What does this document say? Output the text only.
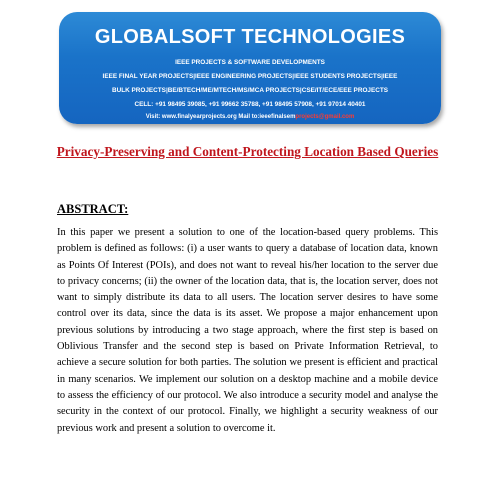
GLOBALSOFT TECHNOLOGIES
IEEE PROJECTS & SOFTWARE DEVELOPMENTS
IEEE FINAL YEAR PROJECTS|IEEE ENGINEERING PROJECTS|IEEE STUDENTS PROJECTS|IEEE
BULK PROJECTS|BE/BTECH/ME/MTECH/MS/MCA PROJECTS|CSE/IT/ECE/EEE PROJECTS
CELL: +91 98495 39085, +91 99662 35788, +91 98495 57908, +91 97014 40401
Visit: www.finalyearprojects.org Mail to:ieeefinalsemprojects@gmail.com
Privacy-Preserving and Content-Protecting Location Based Queries
ABSTRACT:
In this paper we present a solution to one of the location-based query problems. This problem is defined as follows: (i) a user wants to query a database of location data, known as Points Of Interest (POIs), and does not want to reveal his/her location to the server due to privacy concerns; (ii) the owner of the location data, that is, the location server, does not want to simply distribute its data to all users. The location server desires to have some control over its data, since the data is its asset. We propose a major enhancement upon previous solutions by introducing a two stage approach, where the first step is based on Oblivious Transfer and the second step is based on Private Information Retrieval, to achieve a secure solution for both parties. The solution we present is efficient and practical in many scenarios. We implement our solution on a desktop machine and a mobile device to assess the efficiency of our protocol. We also introduce a security model and analyse the security in the context of our protocol. Finally, we highlight a security weakness of our previous work and present a solution to overcome it.
